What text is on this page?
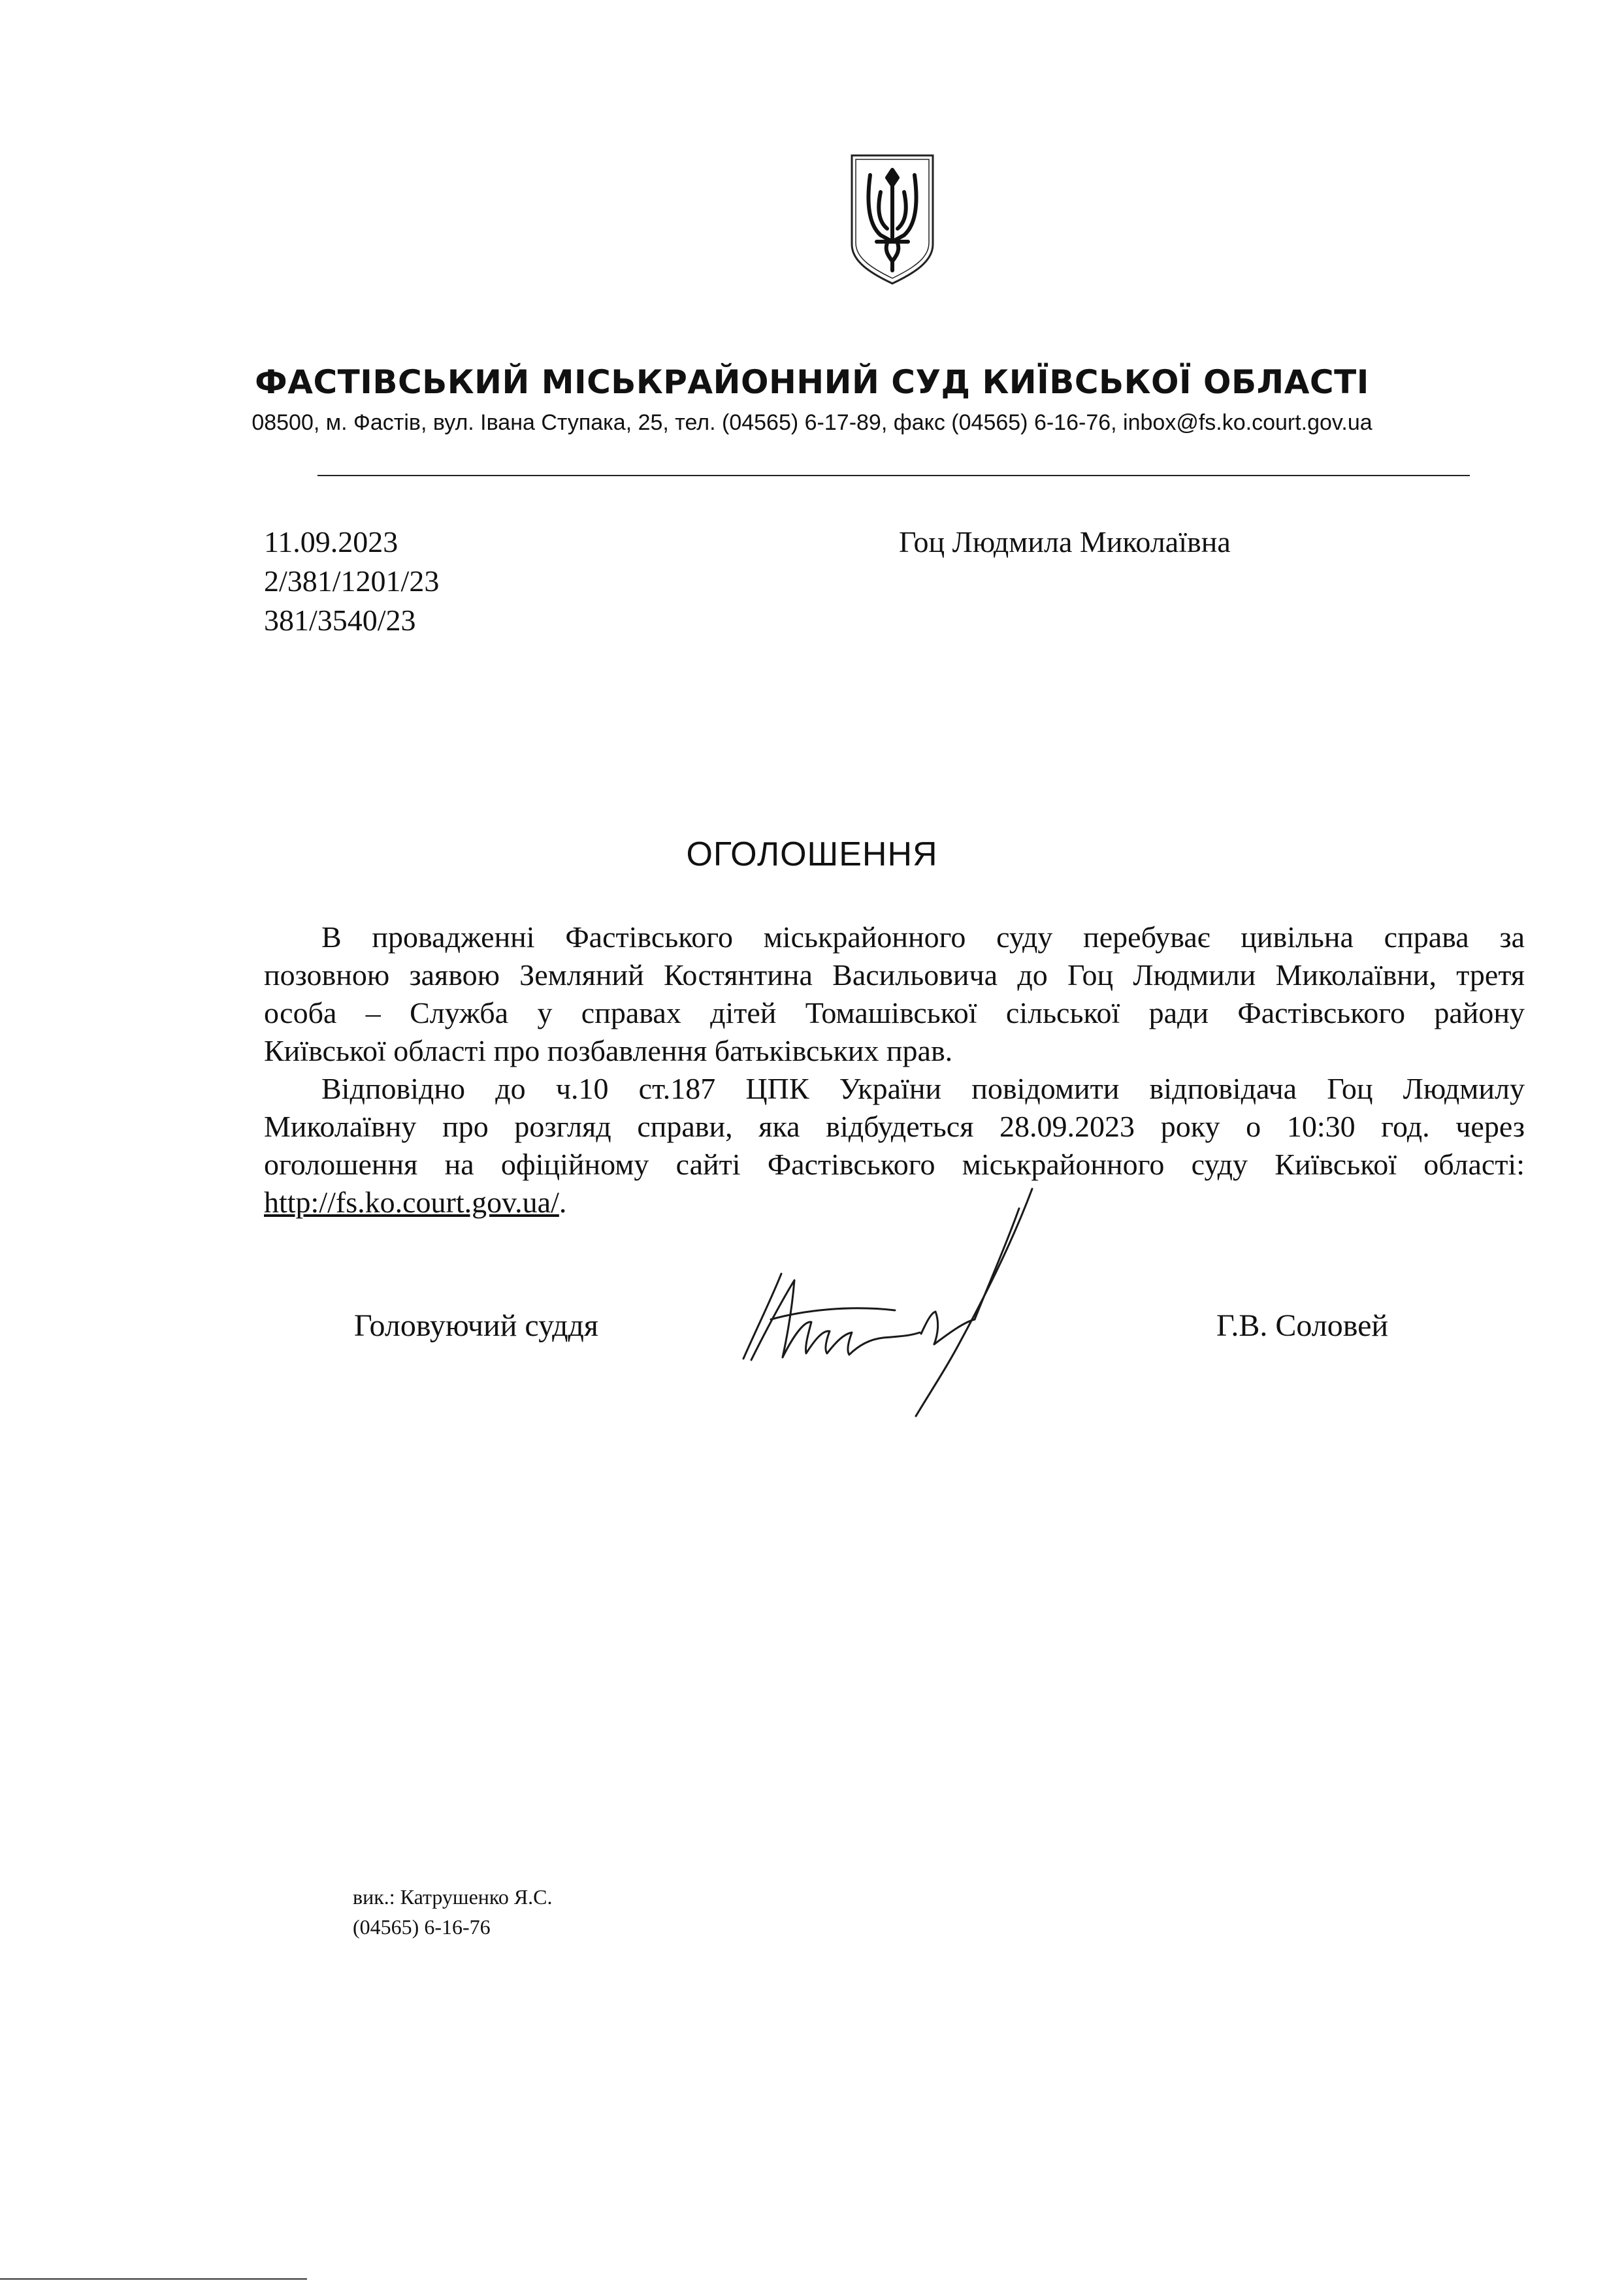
ФАСТІВСЬКИЙ МІСЬКРАЙОННИЙ СУД КИЇВСЬКОЇ ОБЛАСТІ
08500, м. Фастів, вул. Івана Ступака, 25, тел. (04565) 6-17-89, факс (04565) 6-16-76, inbox@fs.ko.court.gov.ua
11.09.2023
2/381/1201/23
381/3540/23
Гоц Людмила Миколаївна
ОГОЛОШЕННЯ
В провадженні Фастівського міськрайонного суду перебуває цивільна справа за
позовною заявою Земляний Костянтина Васильовича до Гоц Людмили Миколаївни, третя
особа – Служба у справах дітей Томашівської сільської ради Фастівського району
Київської області про позбавлення батьківських прав.
Відповідно до ч.10 ст.187 ЦПК України повідомити відповідача Гоц Людмилу
Миколаївну про розгляд справи, яка відбудеться 28.09.2023 року о 10:30 год. через
оголошення на офіційному сайті Фастівського міськрайонного суду Київської області:
http://fs.ko.court.gov.ua/.
Головуючий суддя	Г.В. Соловей
вик.: Катрушенко Я.С.
(04565) 6-16-76
